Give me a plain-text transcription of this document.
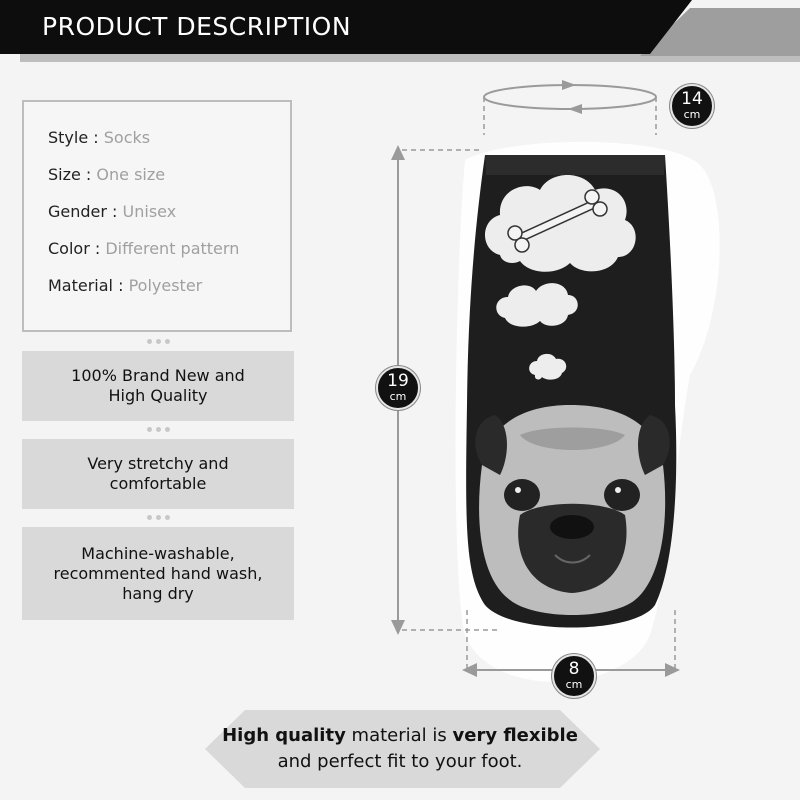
PRODUCT DESCRIPTION
Style : Socks
Size : One size
Gender : Unisex
Color : Different pattern
Material : Polyester
100% Brand New and
High Quality
Very stretchy and
comfortable
Machine-washable,
recommented hand wash,
hang dry
14
cm
19
cm
8
cm
High quality material is very flexible
and perfect fit to your foot.
